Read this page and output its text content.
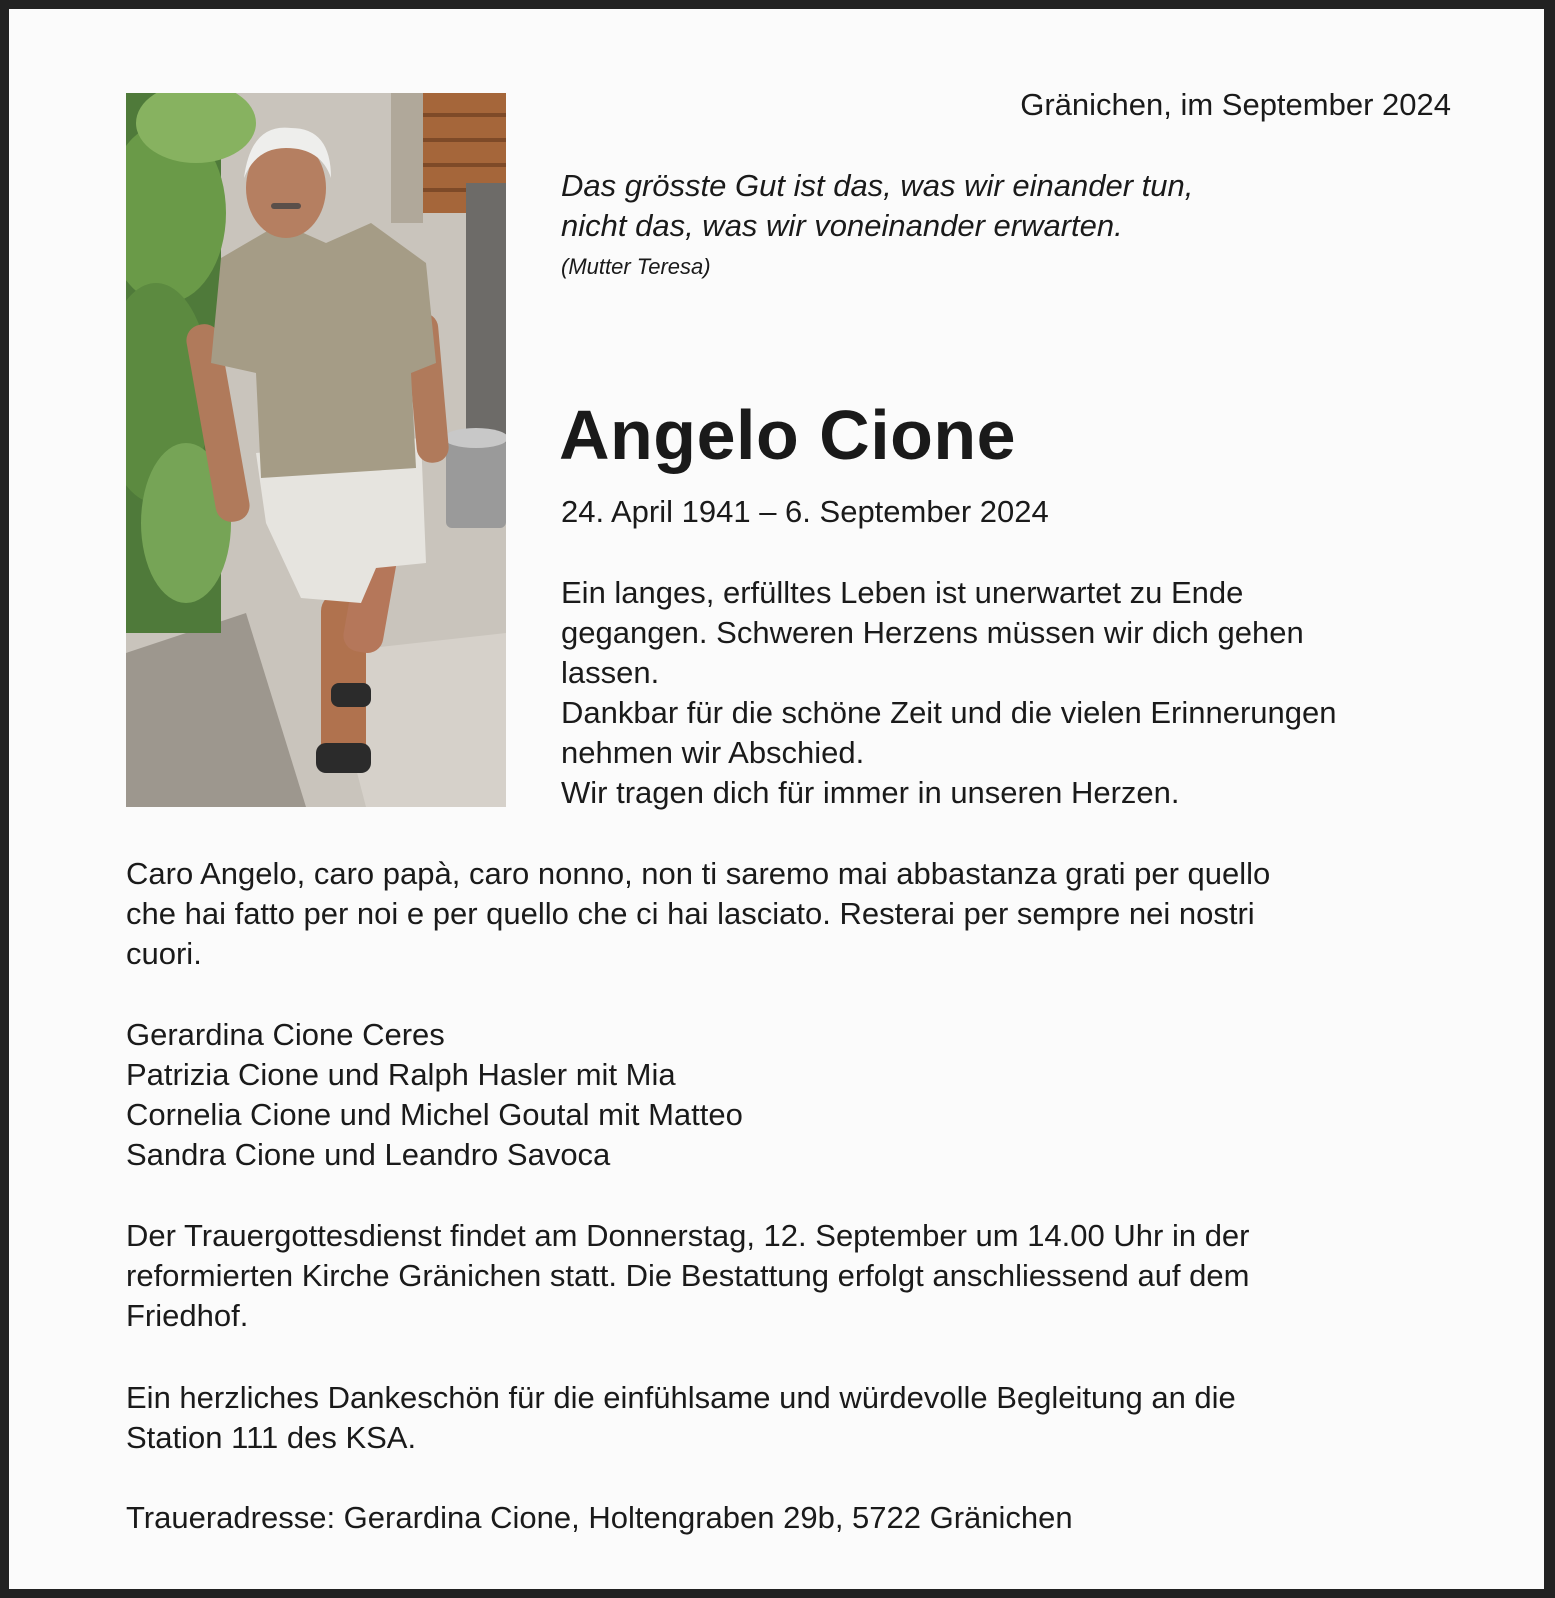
Gränichen, im September 2024
Das grösste Gut ist das, was wir einander tun,
nicht das, was wir voneinander erwarten.
(Mutter Teresa)
Angelo Cione
24. April 1941 – 6. September 2024
Ein langes, erfülltes Leben ist unerwartet zu Ende
gegangen. Schweren Herzens müssen wir dich gehen
lassen.
Dankbar für die schöne Zeit und die vielen Erinnerungen
nehmen wir Abschied.
Wir tragen dich für immer in unseren Herzen.
Caro Angelo, caro papà, caro nonno, non ti saremo mai abbastanza grati per quello
che hai fatto per noi e per quello che ci hai lasciato. Resterai per sempre nei nostri
cuori.
Gerardina Cione Ceres
Patrizia Cione und Ralph Hasler mit Mia
Cornelia Cione und Michel Goutal mit Matteo
Sandra Cione und Leandro Savoca
Der Trauergottesdienst findet am Donnerstag, 12. September um 14.00 Uhr in der
reformierten Kirche Gränichen statt. Die Bestattung erfolgt anschliessend auf dem
Friedhof.
Ein herzliches Dankeschön für die einfühlsame und würdevolle Begleitung an die
Station 111 des KSA.
Traueradresse: Gerardina Cione, Holtengraben 29b, 5722 Gränichen
